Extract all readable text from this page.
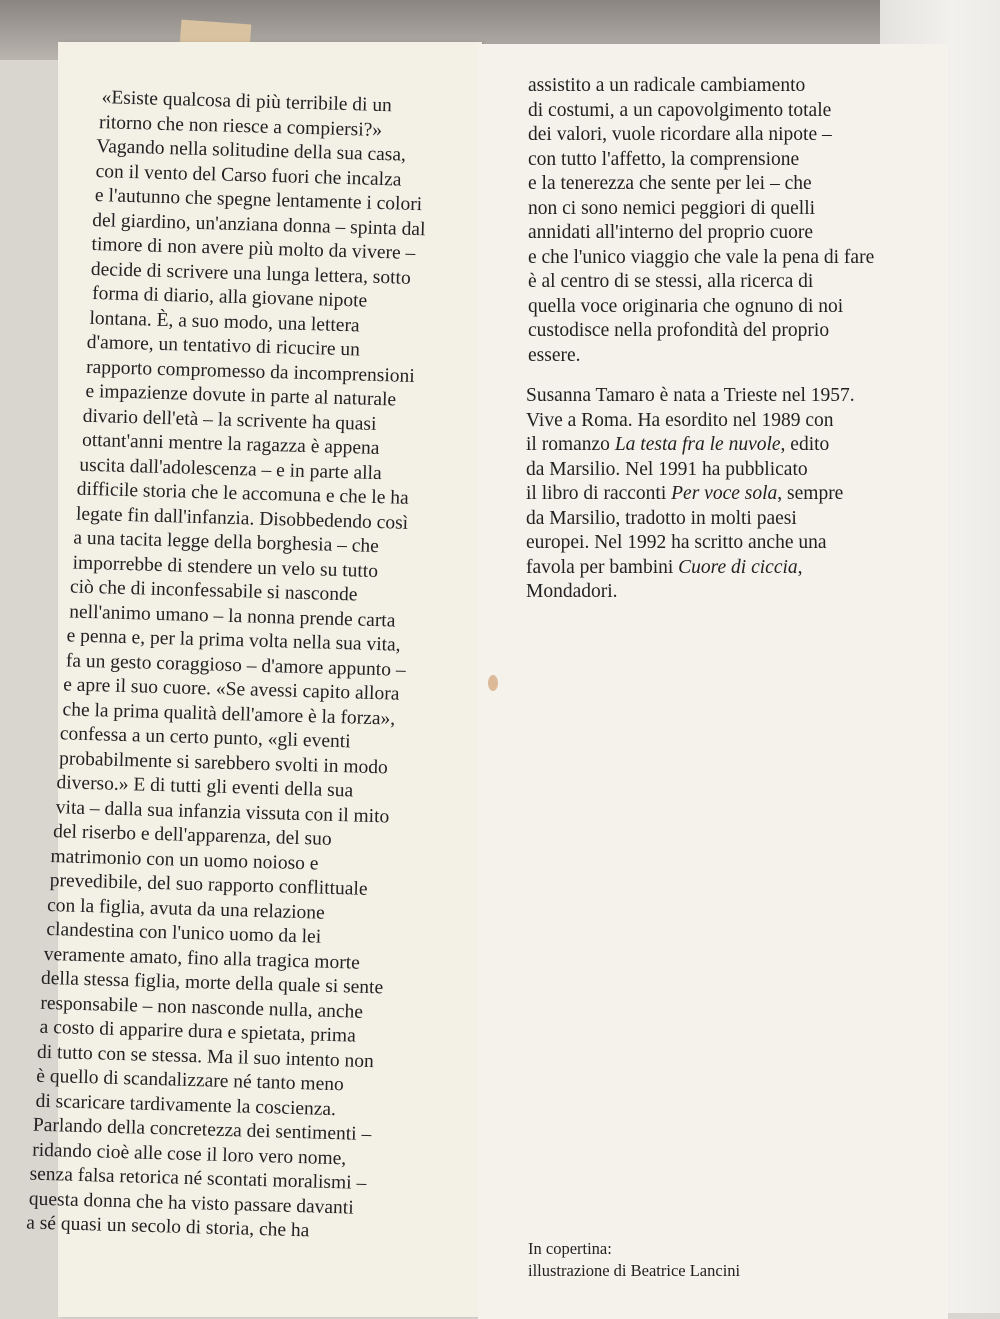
«Esiste qualcosa di più terribile di un
ritorno che non riesce a compiersi?»
Vagando nella solitudine della sua casa,
con il vento del Carso fuori che incalza
e l'autunno che spegne lentamente i colori
del giardino, un'anziana donna – spinta dal
timore di non avere più molto da vivere –
decide di scrivere una lunga lettera, sotto
forma di diario, alla giovane nipote
lontana. È, a suo modo, una lettera
d'amore, un tentativo di ricucire un
rapporto compromesso da incomprensioni
e impazienze dovute in parte al naturale
divario dell'età – la scrivente ha quasi
ottant'anni mentre la ragazza è appena
uscita dall'adolescenza – e in parte alla
difficile storia che le accomuna e che le ha
legate fin dall'infanzia. Disobbedendo così
a una tacita legge della borghesia – che
imporrebbe di stendere un velo su tutto
ciò che di inconfessabile si nasconde
nell'animo umano – la nonna prende carta
e penna e, per la prima volta nella sua vita,
fa un gesto coraggioso – d'amore appunto –
e apre il suo cuore. «Se avessi capito allora
che la prima qualità dell'amore è la forza»,
confessa a un certo punto, «gli eventi
probabilmente si sarebbero svolti in modo
diverso.» E di tutti gli eventi della sua
vita – dalla sua infanzia vissuta con il mito
del riserbo e dell'apparenza, del suo
matrimonio con un uomo noioso e
prevedibile, del suo rapporto conflittuale
con la figlia, avuta da una relazione
clandestina con l'unico uomo da lei
veramente amato, fino alla tragica morte
della stessa figlia, morte della quale si sente
responsabile – non nasconde nulla, anche
a costo di apparire dura e spietata, prima
di tutto con se stessa. Ma il suo intento non
è quello di scandalizzare né tanto meno
di scaricare tardivamente la coscienza.
Parlando della concretezza dei sentimenti –
ridando cioè alle cose il loro vero nome,
senza falsa retorica né scontati moralismi –
questa donna che ha visto passare davanti
a sé quasi un secolo di storia, che ha
assistito a un radicale cambiamento
di costumi, a un capovolgimento totale
dei valori, vuole ricordare alla nipote –
con tutto l'affetto, la comprensione
e la tenerezza che sente per lei – che
non ci sono nemici peggiori di quelli
annidati all'interno del proprio cuore
e che l'unico viaggio che vale la pena di fare
è al centro di se stessi, alla ricerca di
quella voce originaria che ognuno di noi
custodisce nella profondità del proprio
essere.
Susanna Tamaro è nata a Trieste nel 1957.
Vive a Roma. Ha esordito nel 1989 con
il romanzo La testa fra le nuvole, edito
da Marsilio. Nel 1991 ha pubblicato
il libro di racconti Per voce sola, sempre
da Marsilio, tradotto in molti paesi
europei. Nel 1992 ha scritto anche una
favola per bambini Cuore di ciccia,
Mondadori.
In copertina:
illustrazione di Beatrice Lancini
